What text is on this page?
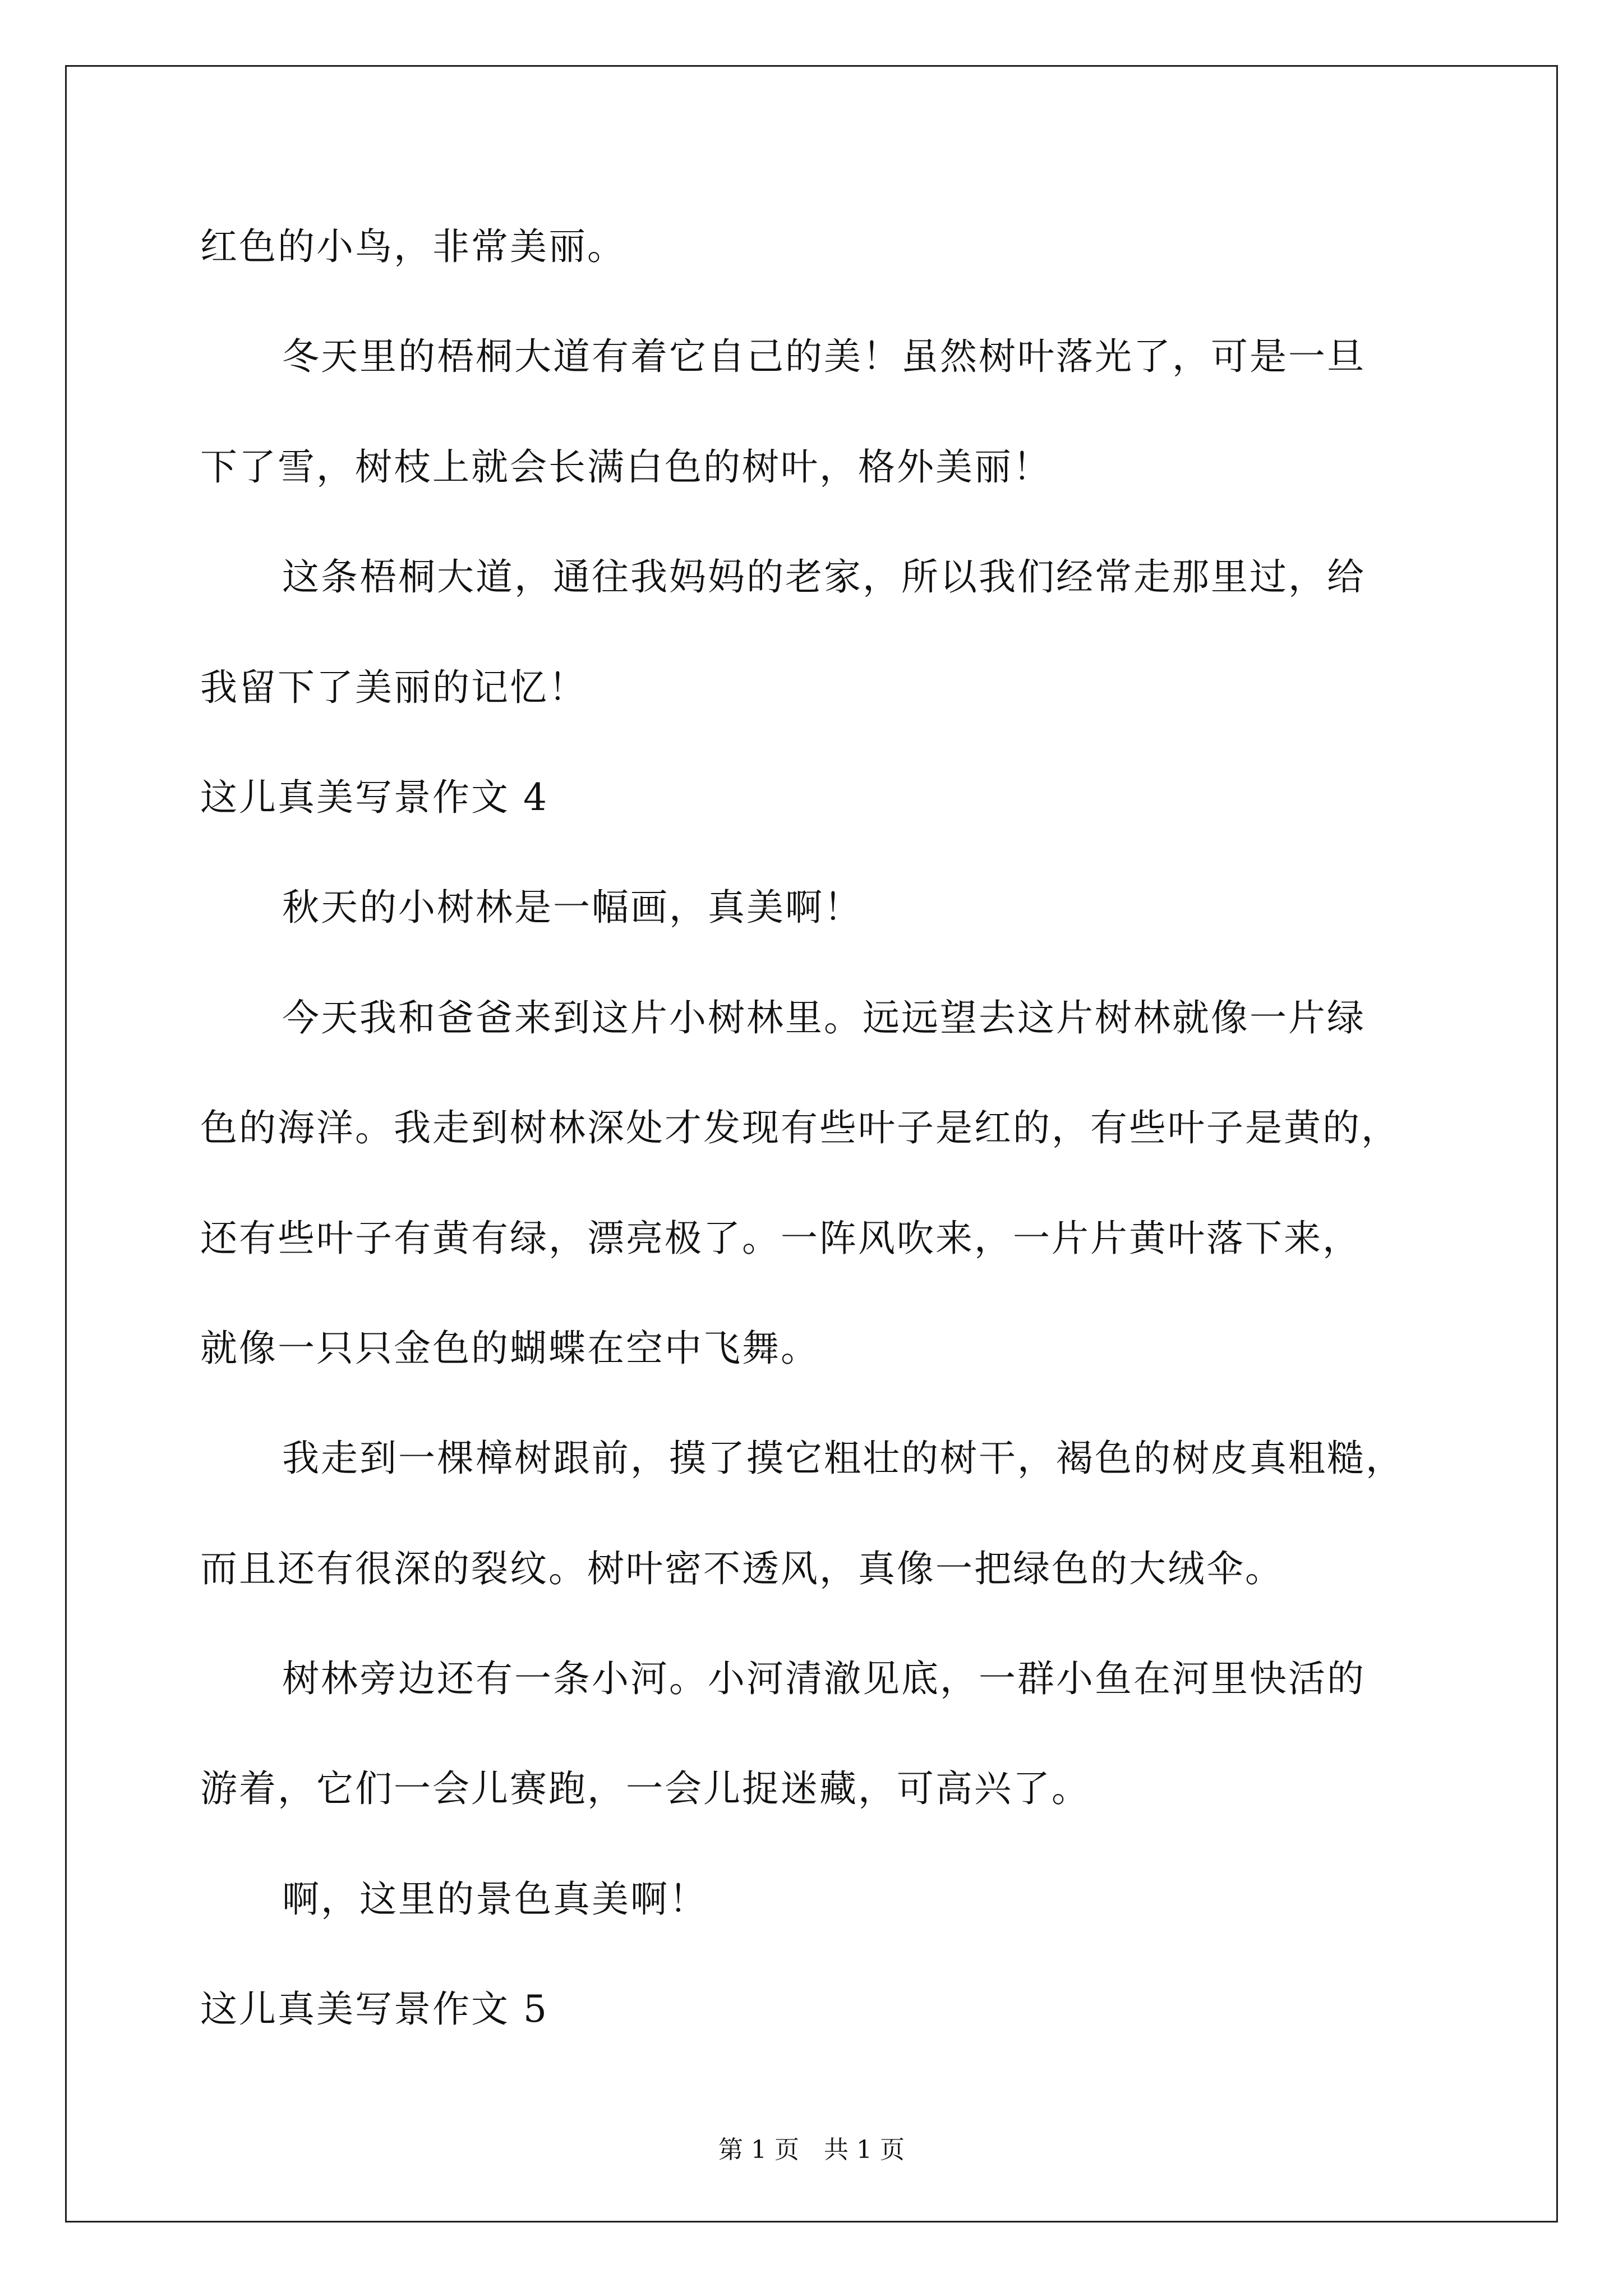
红色的小鸟，非常美丽。
冬天里的梧桐大道有着它自己的美！虽然树叶落光了，可是一旦
下了雪，树枝上就会长满白色的树叶，格外美丽！
这条梧桐大道，通往我妈妈的老家，所以我们经常走那里过，给
我留下了美丽的记忆！
这儿真美写景作文 4
秋天的小树林是一幅画，真美啊！
今天我和爸爸来到这片小树林里。远远望去这片树林就像一片绿
色的海洋。我走到树林深处才发现有些叶子是红的，有些叶子是黄的，
还有些叶子有黄有绿，漂亮极了。一阵风吹来，一片片黄叶落下来，
就像一只只金色的蝴蝶在空中飞舞。
我走到一棵樟树跟前，摸了摸它粗壮的树干，褐色的树皮真粗糙，
而且还有很深的裂纹。树叶密不透风，真像一把绿色的大绒伞。
树林旁边还有一条小河。小河清澈见底，一群小鱼在河里快活的
游着，它们一会儿赛跑，一会儿捉迷藏，可高兴了。
啊，这里的景色真美啊！
这儿真美写景作文 5
第 1 页　共 1 页
